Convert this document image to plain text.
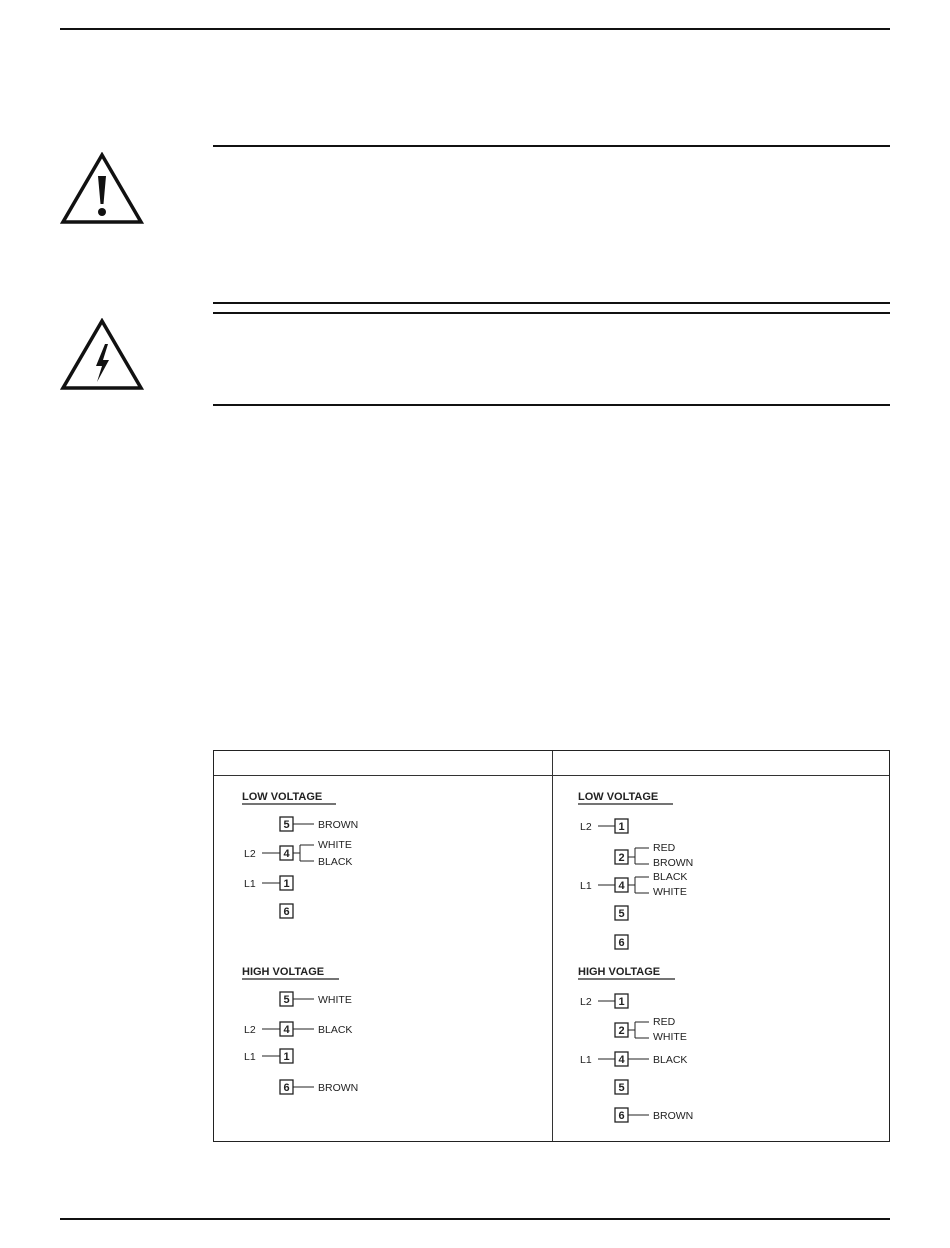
LOW VOLTAGE
5	BROWN
L2	4
WHITE
BLACK
L1	1
6
HIGH VOLTAGE
5	WHITE
L2	4	BLACK
L1	1
6	BROWN
LOW VOLTAGE
L2 1
2
RED
BROWN
L1 4
BLACK
WHITE
5
6
HIGH VOLTAGE
L2 1
2
RED
WHITE
L1 4	BLACK
5
6	BROWN
